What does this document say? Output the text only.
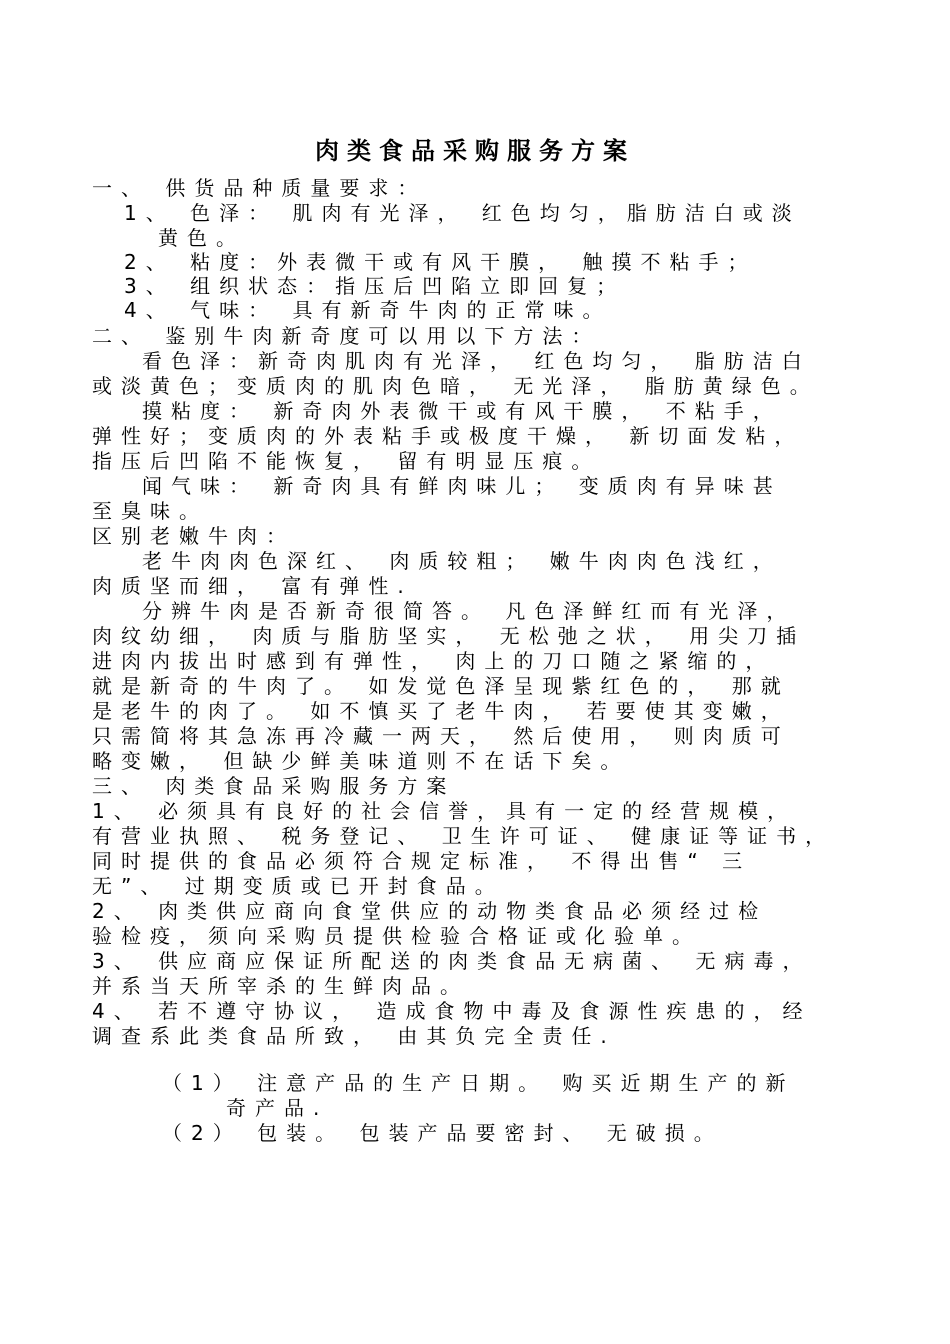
肉类食品采购服务方案
一、 供货品种质量要求：
1、 色泽： 肌肉有光泽， 红色均匀，脂肪洁白或淡
黄色。
2、 粘度：外表微干或有风干膜， 触摸不粘手；
3、 组织状态：指压后凹陷立即回复；
4、 气味： 具有新奇牛肉的正常味。
二、 鉴别牛肉新奇度可以用以下方法：
看色泽：新奇肉肌肉有光泽， 红色均匀， 脂肪洁白
或淡黄色；变质肉的肌肉色暗， 无光泽， 脂肪黄绿色。
摸粘度： 新奇肉外表微干或有风干膜， 不粘手，
弹性好；变质肉的外表粘手或极度干燥， 新切面发粘，
指压后凹陷不能恢复， 留有明显压痕。
闻气味： 新奇肉具有鲜肉味儿； 变质肉有异味甚
至臭味。
区别老嫩牛肉：
老牛肉肉色深红、 肉质较粗； 嫩牛肉肉色浅红，
肉质坚而细， 富有弹性.
分辨牛肉是否新奇很简答。 凡色泽鲜红而有光泽，
肉纹幼细， 肉质与脂肪坚实， 无松弛之状， 用尖刀插
进肉内拔出时感到有弹性， 肉上的刀口随之紧缩的，
就是新奇的牛肉了。 如发觉色泽呈现紫红色的， 那就
是老牛的肉了。 如不慎买了老牛肉， 若要使其变嫩，
只需简将其急冻再冷藏一两天， 然后使用， 则肉质可
略变嫩， 但缺少鲜美味道则不在话下矣。
三、 肉类食品采购服务方案
1、 必须具有良好的社会信誉，具有一定的经营规模，
有营业执照、 税务登记、 卫生许可证、 健康证等证书，
同时提供的食品必须符合规定标准， 不得出售“ 三
无”、 过期变质或已开封食品。
2、 肉类供应商向食堂供应的动物类食品必须经过检
验检疫，须向采购员提供检验合格证或化验单。
3、 供应商应保证所配送的肉类食品无病菌、 无病毒，
并系当天所宰杀的生鲜肉品。
4、 若不遵守协议， 造成食物中毒及食源性疾患的，经
调查系此类食品所致， 由其负完全责任.
（1） 注意产品的生产日期。 购买近期生产的新
奇产品.
（2） 包装。 包装产品要密封、 无破损。
